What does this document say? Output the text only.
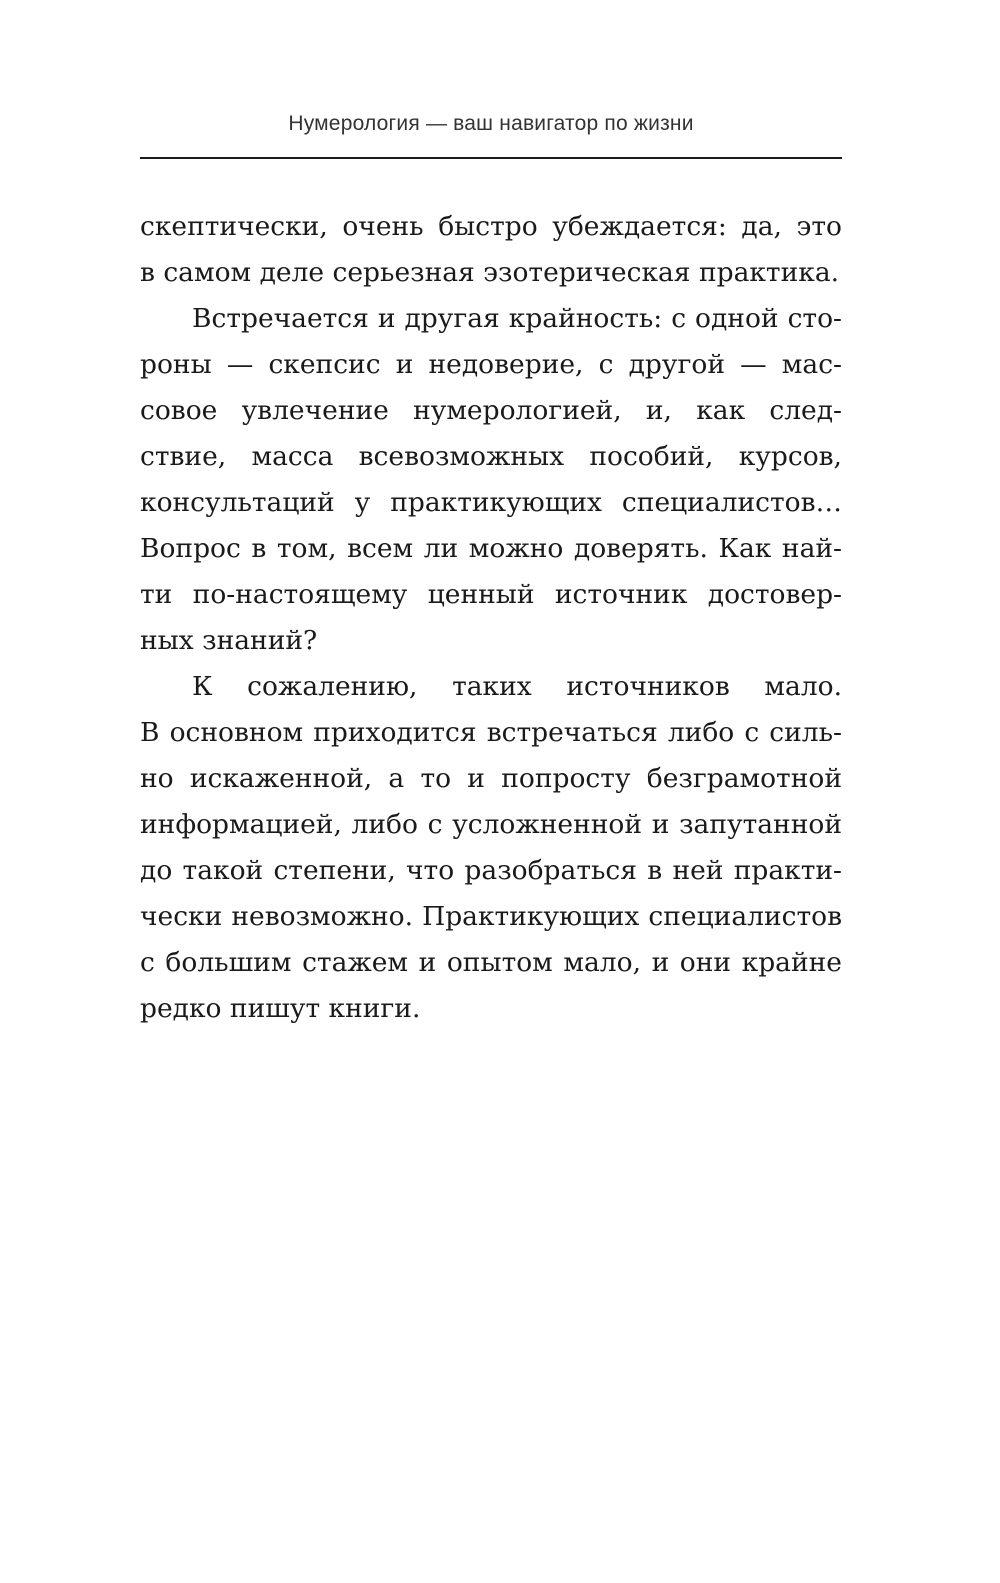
Нумерология — ваш навигатор по жизни
скептически, очень быстро убеждается: да, это
в самом деле серьезная эзотерическая практика.
Встречается и другая крайность: с одной сто-
роны — скепсис и недоверие, с другой — мас-
совое увлечение нумерологией, и, как след-
ствие, масса всевозможных пособий, курсов,
консультаций у практикующих специалистов…
Вопрос в том, всем ли можно доверять. Как най-
ти по-настоящему ценный источник достовер-
ных знаний?
К сожалению, таких источников мало.
В основном приходится встречаться либо с силь-
но искаженной, а то и попросту безграмотной
информацией, либо с усложненной и запутанной
до такой степени, что разобраться в ней практи-
чески невозможно. Практикующих специалистов
с большим стажем и опытом мало, и они крайне
редко пишут книги.
